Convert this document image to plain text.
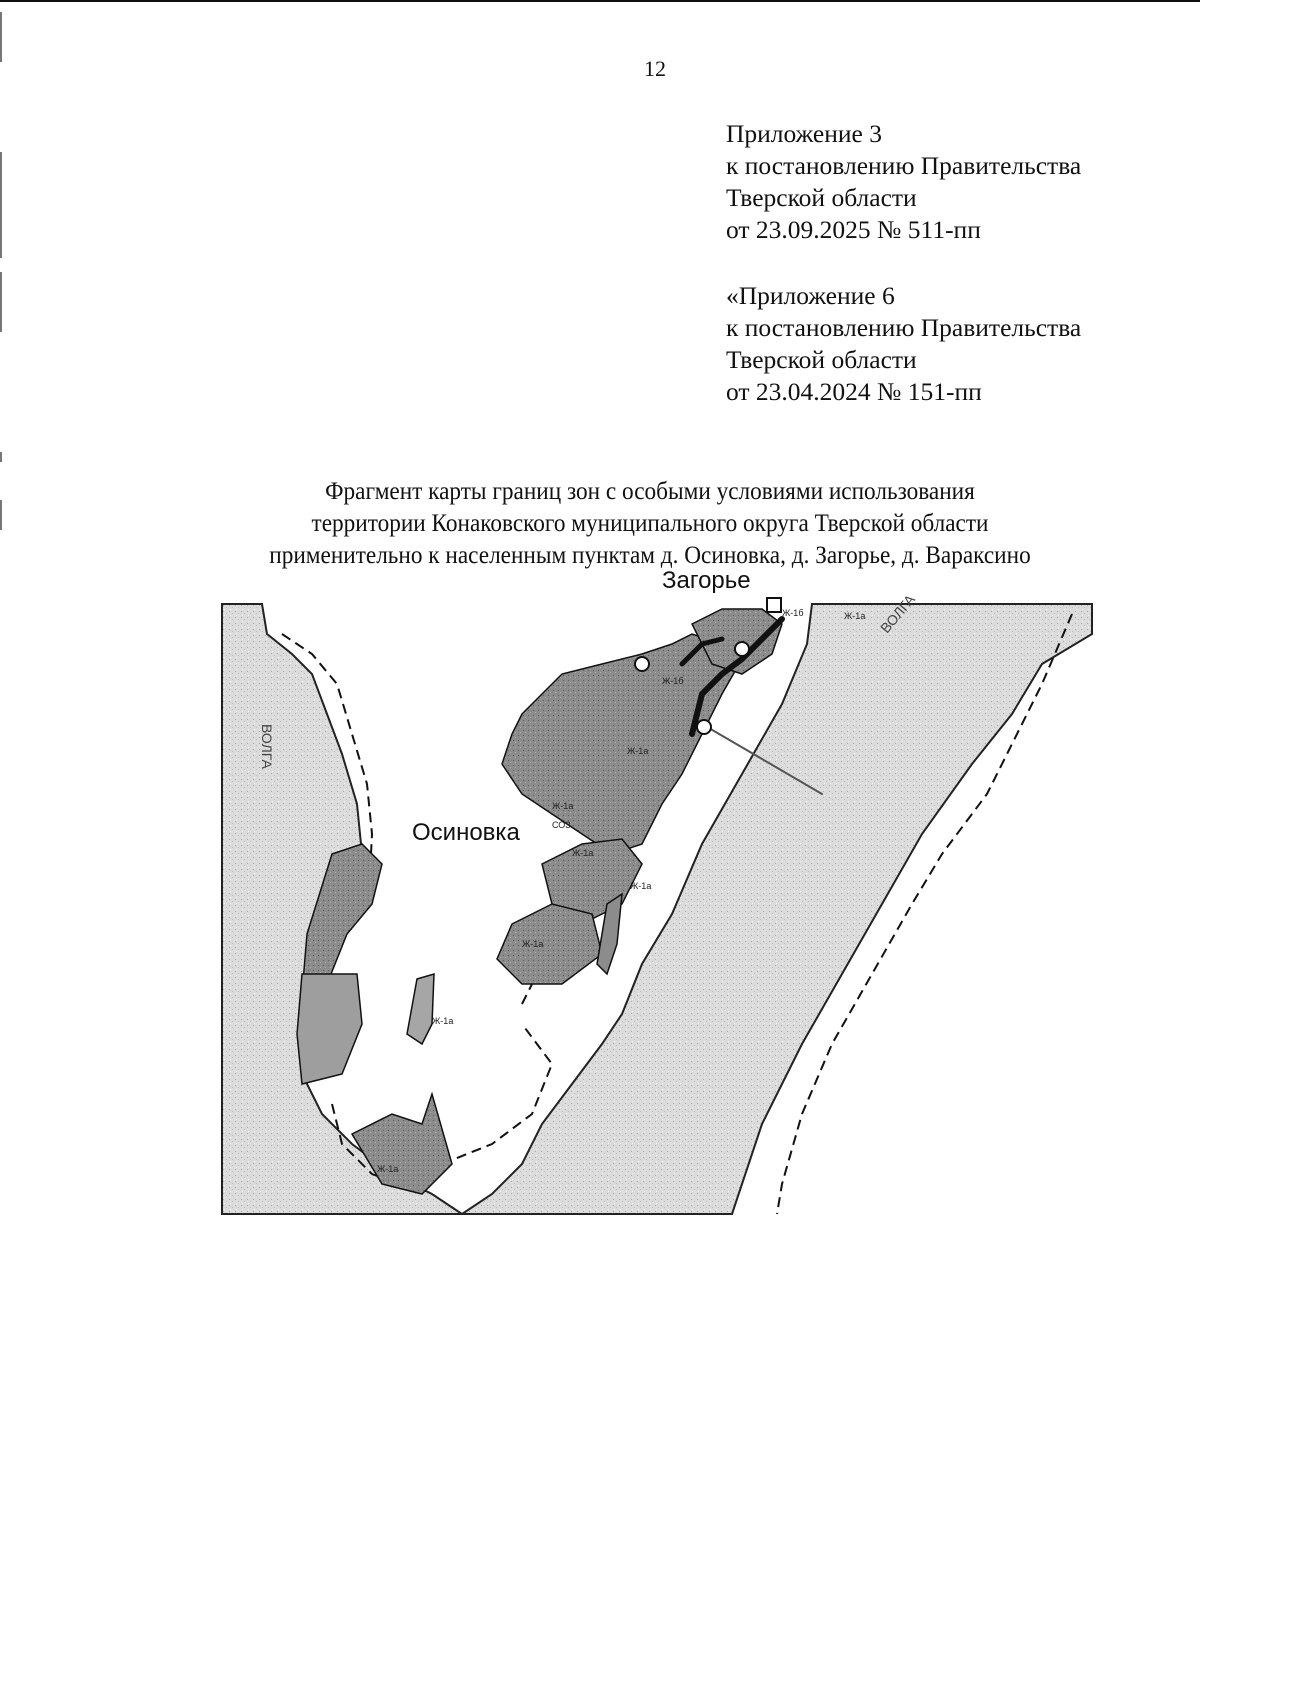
12
Приложение 3
к постановлению Правительства
Тверской области
от 23.09.2025 № 511-пп
«Приложение 6
к постановлению Правительства
Тверской области
от 23.04.2024 № 151-пп
Фрагмент карты границ зон с особыми условиями использования
территории Конаковского муниципального округа Тверской области
применительно к населенным пунктам д. Осиновка, д. Загорье, д. Вараксино
Загорье
Осиновка
ВОЛГА
ВОЛГА
Ж-1а
Ж-1б
Ж-1а
Ж-1а
Ж-1а
Ж-1а
Ж-1а
Ж-1б
Ж-1а
Ж-1а
СОЗ
